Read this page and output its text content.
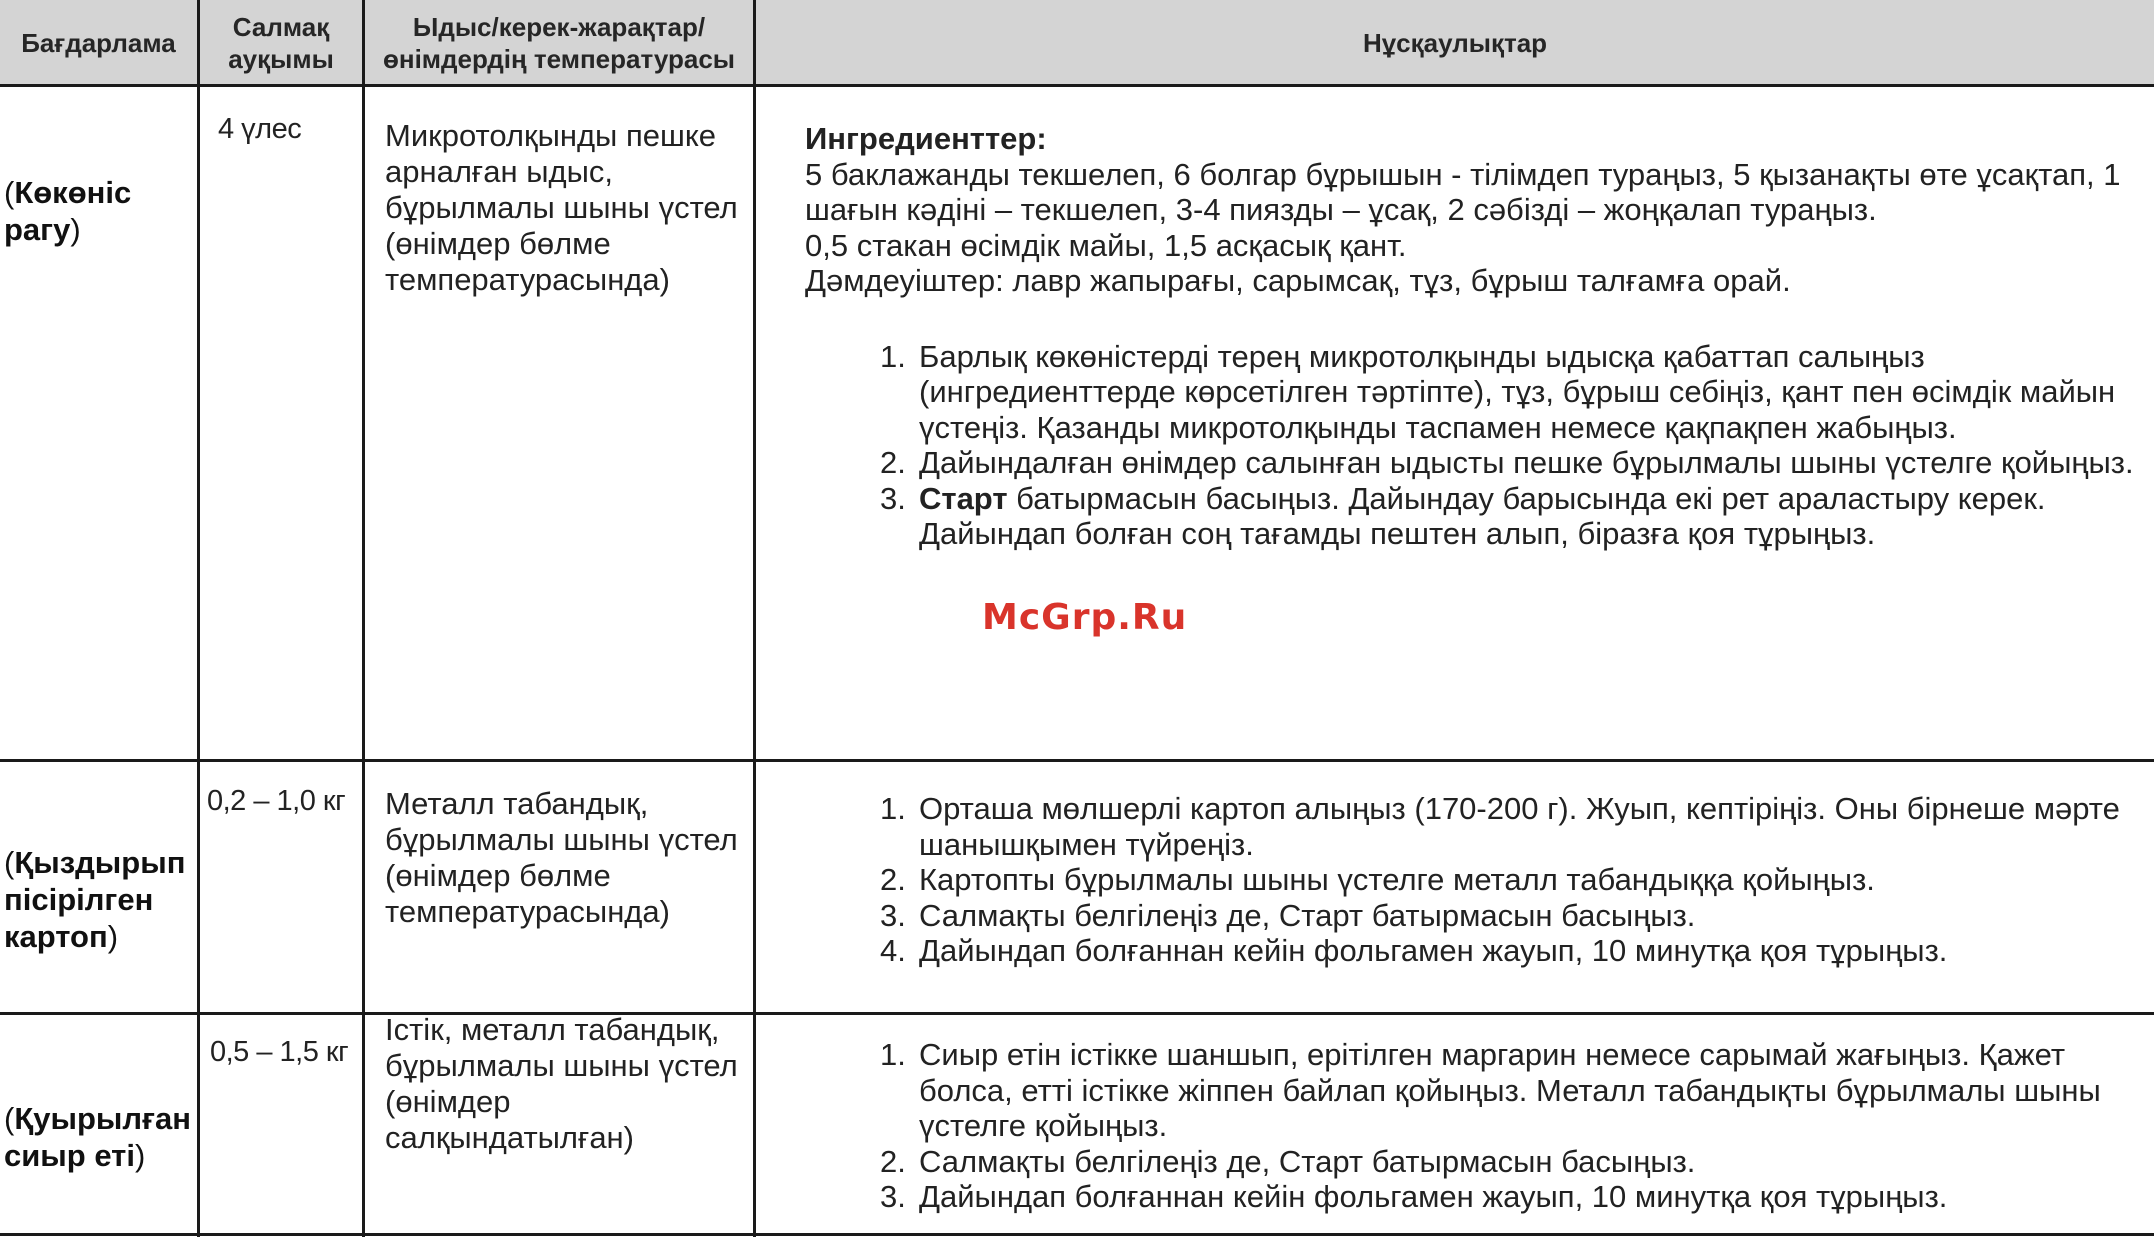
Бағдарлама
Салмақ ауқымы
Ыдыс/керек-жарақтар/ өнімдердің температурасы
Нұсқаулықтар
(Көкөніс рагу)
4 үлес	Микротолқынды пешке арналған ыдыс, бұрылмалы шыны үстел (өнімдер бөлме температурасында)
Ингредиенттер:
5 баклажанды текшелеп, 6 болгар бұрышын - тілімдеп тураңыз, 5 қызанақты өте ұсақтап, 1 шағын кәдіні – текшелеп, 3-4 пиязды – ұсақ, 2 сәбізді – жоңқалап тураңыз.
0,5 стакан өсімдік майы, 1,5 асқасық қант.
Дәмдеуіштер: лавр жапырағы, сарымсақ, тұз, бұрыш талғамға орай.
1. Барлық көкөністерді терең микротолқынды ыдысқа қабаттап салыңыз (ингредиенттерде көрсетілген тәртіпте), тұз, бұрыш себіңіз, қант пен өсімдік майын үстеңіз. Қазанды микротолқынды таспамен немесе қақпақпен жабыңыз.
2. Дайындалған өнімдер салынған ыдысты пешке бұрылмалы шыны үстелге қойыңыз.
3. Старт батырмасын басыңыз. Дайындау барысында екі рет араластыру керек. Дайындап болған соң тағамды пештен алып, біразға қоя тұрыңыз.
McGrp.Ru
(Қыздырып пісірілген картоп)
0,2 – 1,0 кг Металл табандық, бұрылмалы шыны үстел (өнімдер бөлме температурасында)
1. Орташа мөлшерлі картоп алыңыз (170-200 г). Жуып, кептіріңіз. Оны бірнеше мәрте шанышқымен түйреңіз.
2. Картопты бұрылмалы шыны үстелге металл табандыққа қойыңыз.
3. Салмақты белгілеңіз де, Старт батырмасын басыңыз.
4. Дайындап болғаннан кейін фольгамен жауып, 10 минутқа қоя тұрыңыз.
(Қуырылған сиыр еті)
0,5 – 1,5 кг
Істік, металл табандық, бұрылмалы шыны үстел (өнімдер салқындатылған)
1. Сиыр етін істікке шаншып, ерітілген маргарин немесе сарымай жағыңыз. Қажет болса, етті істікке жіппен байлап қойыңыз. Металл табандықты бұрылмалы шыны үстелге қойыңыз.
2. Салмақты белгілеңіз де, Старт батырмасын басыңыз.
3. Дайындап болғаннан кейін фольгамен жауып, 10 минутқа қоя тұрыңыз.
